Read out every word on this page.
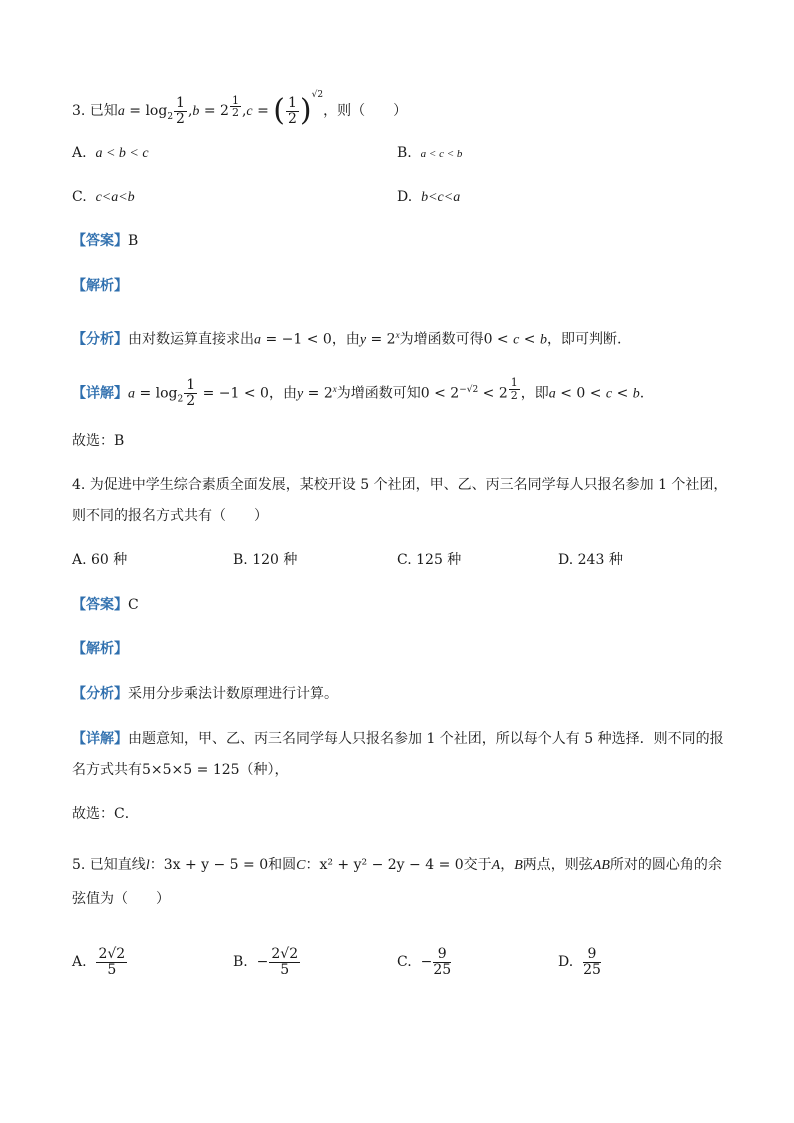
3. 已知$a = \log_2 \frac{1}{2} ,b = 2$ $^{\frac{1}{2}}$ ,c = ( $\frac{1}{2} )^{√2}$，则（　　）
A. a < b < c	B. a < c < b
C. c<a<b	D. b<c<a
【答案】B
【解析】
【分析】由对数运算直接求出a = −1 < 0，由$y = 2^x$为增函数可得0 < c < b，即可判断.
【详解】$a = \log_2 \frac{1}{2} = -1 < 0$，由$y = 2^x$为增函数可知$0 < 2^{-√2} < 2$ $^{\frac{1}{2}}$ ，即a < 0 < c < b.
故选：B
4. 为促进中学生综合素质全面发展，某校开设 5 个社团，甲、乙、丙三名同学每人只报名参加 1 个社团，
则不同的报名方式共有（　　）
A. 60 种	B. 120 种	C. 125 种	D. 243 种
【答案】C
【解析】
【分析】采用分步乘法计数原理进行计算。
【详解】由题意知，甲、乙、丙三名同学每人只报名参加 1 个社团，所以每个人有 5 种选择．则不同的报
名方式共有5×5×5 = 125（种），
故选：C．
5. 已知直线l：3x + y − 5 = 0和圆C：x² + y² − 2y − 4 = 0交于A，B两点，则弦AB所对的圆心角的余
弦值为（　　）
A. $\frac{2√2}{5}$	B. − $\frac{2√2}{5}$	C. − $\frac{9}{25}$	D. $\frac{9}{25}$
